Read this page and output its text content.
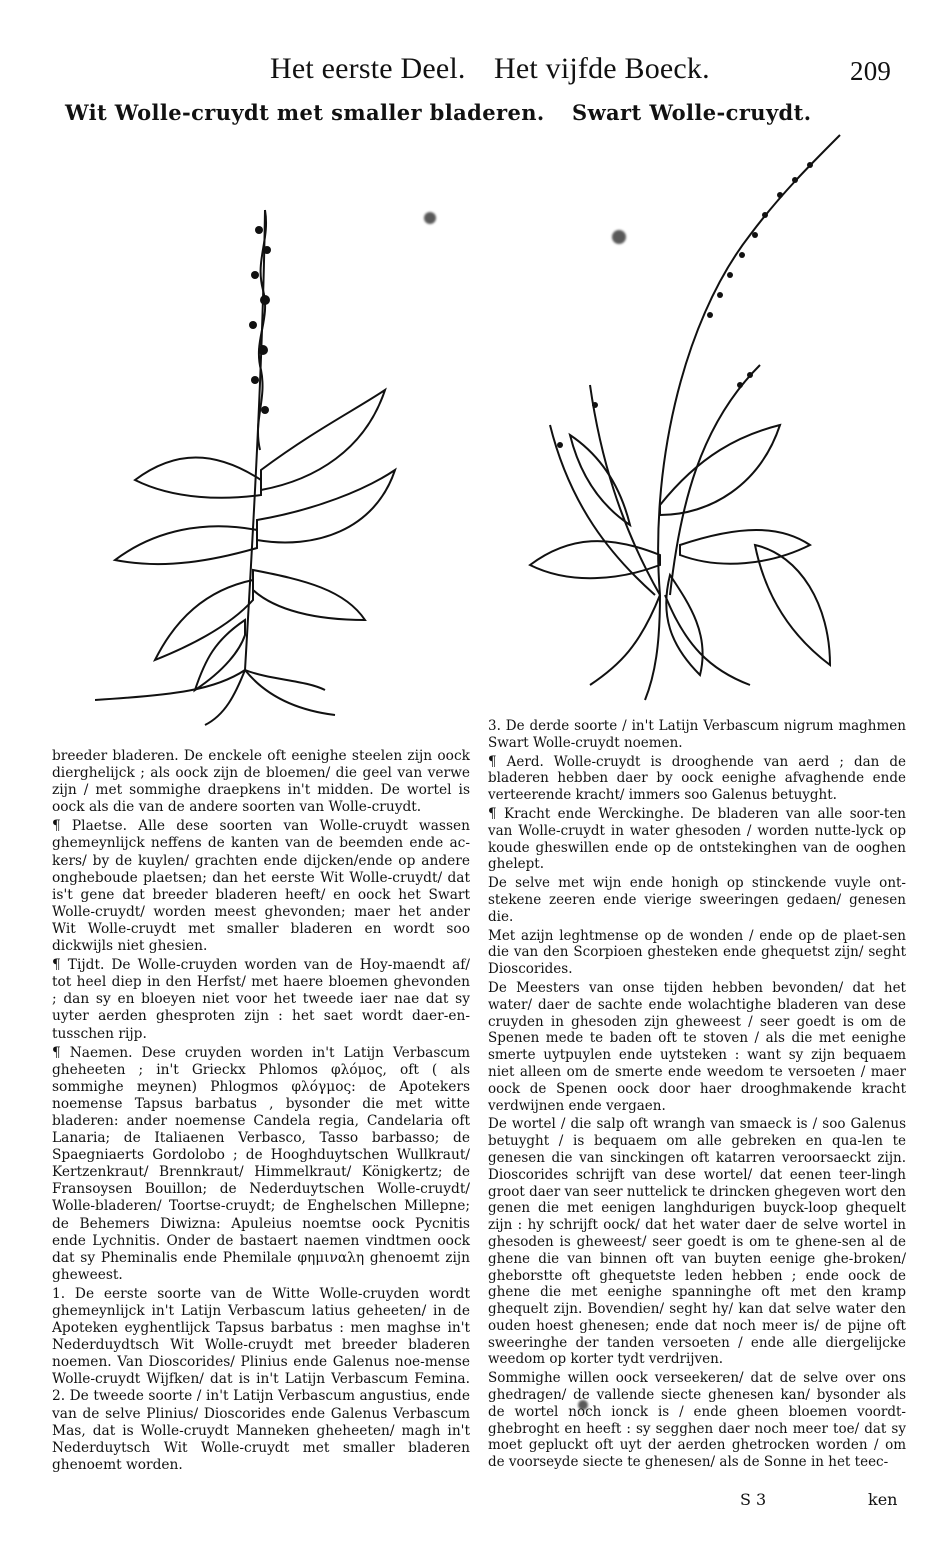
Het eerste Deel. Het vijfde Boeck.	209
Wit Wolle-cruydt met smaller bladeren. Swart Wolle-cruydt.

breeder bladeren. De enckele oft eenighe steelen zijn oock dierghelijck ; als oock zijn de bloemen/ die geel van verwe zijn / met sommighe draepkens in't midden. De wortel is oock als die van de andere soorten van Wolle-cruydt.

¶ Plaetse. Alle dese soorten van Wolle-cruydt wassen ghemeynlijck neffens de kanten van de beemden ende ac-kers/ by de kuylen/ grachten ende dijcken/ende op andere ongheboude plaetsen; dan het eerste Wit Wolle-cruydt/ dat is't gene dat breeder bladeren heeft/ en oock het Swart Wolle-cruydt/ worden meest ghevonden; maer het ander Wit Wolle-cruydt met smaller bladeren en wordt soo dickwijls niet ghesien.

¶ Tijdt. De Wolle-cruyden worden van de Hoy-maendt af/ tot heel diep in den Herfst/ met haere bloemen ghevonden ; dan sy en bloeyen niet voor het tweede iaer nae dat sy uyter aerden ghesproten zijn : het saet wordt daer-en-tusschen rijp.

¶ Naemen. Dese cruyden worden in't Latijn Verbascum gheheeten ; in't Grieckx Phlomos φλόμος, oft ( als sommighe meynen) Phlogmos φλόγμος: de Apotekers noemense Tapsus barbatus , bysonder die met witte bladeren: ander noemense Candela regia, Candelaria oft Lanaria; de Italiaenen Verbasco, Tasso barbasso; de Spaegniaerts Gordolobo ; de Hooghduytschen Wullkraut/ Kertzenkraut/ Brennkraut/ Himmelkraut/ Königkertz; de Fransoysen Bouillon; de Nederduytschen Wolle-cruydt/ Wolle-bladeren/ Toortse-cruydt; de Enghelschen Millepne; de Behemers Diwizna: Apuleius noemtse oock Pycnitis ende Lychnitis. Onder de bastaert naemen vindtmen oock dat sy Pheminalis ende Phemilale φημιναλη ghenoemt zijn gheweest.

1. De eerste soorte van de Witte Wolle-cruyden wordt ghemeynlijck in't Latijn Verbascum latius geheeten/ in de Apoteken eyghentlijck Tapsus barbatus : men maghse in't Nederduydtsch Wit Wolle-cruydt met breeder bladeren noemen. Van Dioscorides/ Plinius ende Galenus noe-mense Wolle-cruydt Wijfken/ dat is in't Latijn Verbascum Femina. 2. De tweede soorte / in't Latijn Verbascum angustius, ende van de selve Plinius/ Dioscorides ende Galenus Verbascum Mas, dat is Wolle-cruydt Manneken gheheeten/ magh in't Nederduytsch Wit Wolle-cruydt met smaller bladeren ghenoemt worden.

3. De derde soorte / in't Latijn Verbascum nigrum maghmen Swart Wolle-cruydt noemen.

¶ Aerd. Wolle-cruydt is drooghende van aerd ; dan de bladeren hebben daer by oock eenighe afvaghende ende verteerende kracht/ immers soo Galenus betuyght.

¶ Kracht ende Werckinghe. De bladeren van alle soor-ten van Wolle-cruydt in water ghesoden / worden nutte-lyck op koude gheswillen ende op de ontstekinghen van de ooghen ghelept.

De selve met wijn ende honigh op stinckende vuyle ont-stekene zeeren ende vierige sweeringen gedaen/ genesen die.

Met azijn leghtmense op de wonden / ende op de plaet-sen die van den Scorpioen ghesteken ende ghequetst zijn/ seght Dioscorides.

De Meesters van onse tijden hebben bevonden/ dat het water/ daer de sachte ende wolachtighe bladeren van dese cruyden in ghesoden zijn gheweest / seer goedt is om de Spenen mede te baden oft te stoven / als die met eenighe smerte uytpuylen ende uytsteken : want sy zijn bequaem niet alleen om de smerte ende weedom te versoeten / maer oock de Spenen oock door haer drooghmakende kracht verdwijnen ende vergaen.

De wortel / die salp oft wrangh van smaeck is / soo Galenus betuyght / is bequaem om alle gebreken en qua-len te genesen die van sinckingen oft katarren veroorsaeckt zijn. Dioscorides schrijft van dese wortel/ dat eenen teer-lingh groot daer van seer nuttelick te drincken ghegeven wort den genen die met eenigen langhdurigen buyck-loop ghequelt zijn : hy schrijft oock/ dat het water daer de selve wortel in ghesoden is gheweest/ seer goedt is om te ghene-sen al de ghene die van binnen oft van buyten eenige ghe-broken/ gheborstte oft ghequetste leden hebben ; ende oock de ghene die met eenighe spanninghe oft met den kramp ghequelt zijn. Bovendien/ seght hy/ kan dat selve water den ouden hoest ghenesen; ende dat noch meer is/ de pijne oft sweeringhe der tanden versoeten / ende alle diergelijcke weedom op korter tydt verdrijven.

Sommighe willen oock verseekeren/ dat de selve over ons ghedragen/ de vallende siecte ghenesen kan/ bysonder als de wortel noch ionck is / ende gheen bloemen voordt-ghebroght en heeft : sy segghen daer noch meer toe/ dat sy moet gepluckt oft uyt der aerden ghetrocken worden / om de voorseyde siecte te ghenesen/ als de Sonne in het teec-

S 3	ken
